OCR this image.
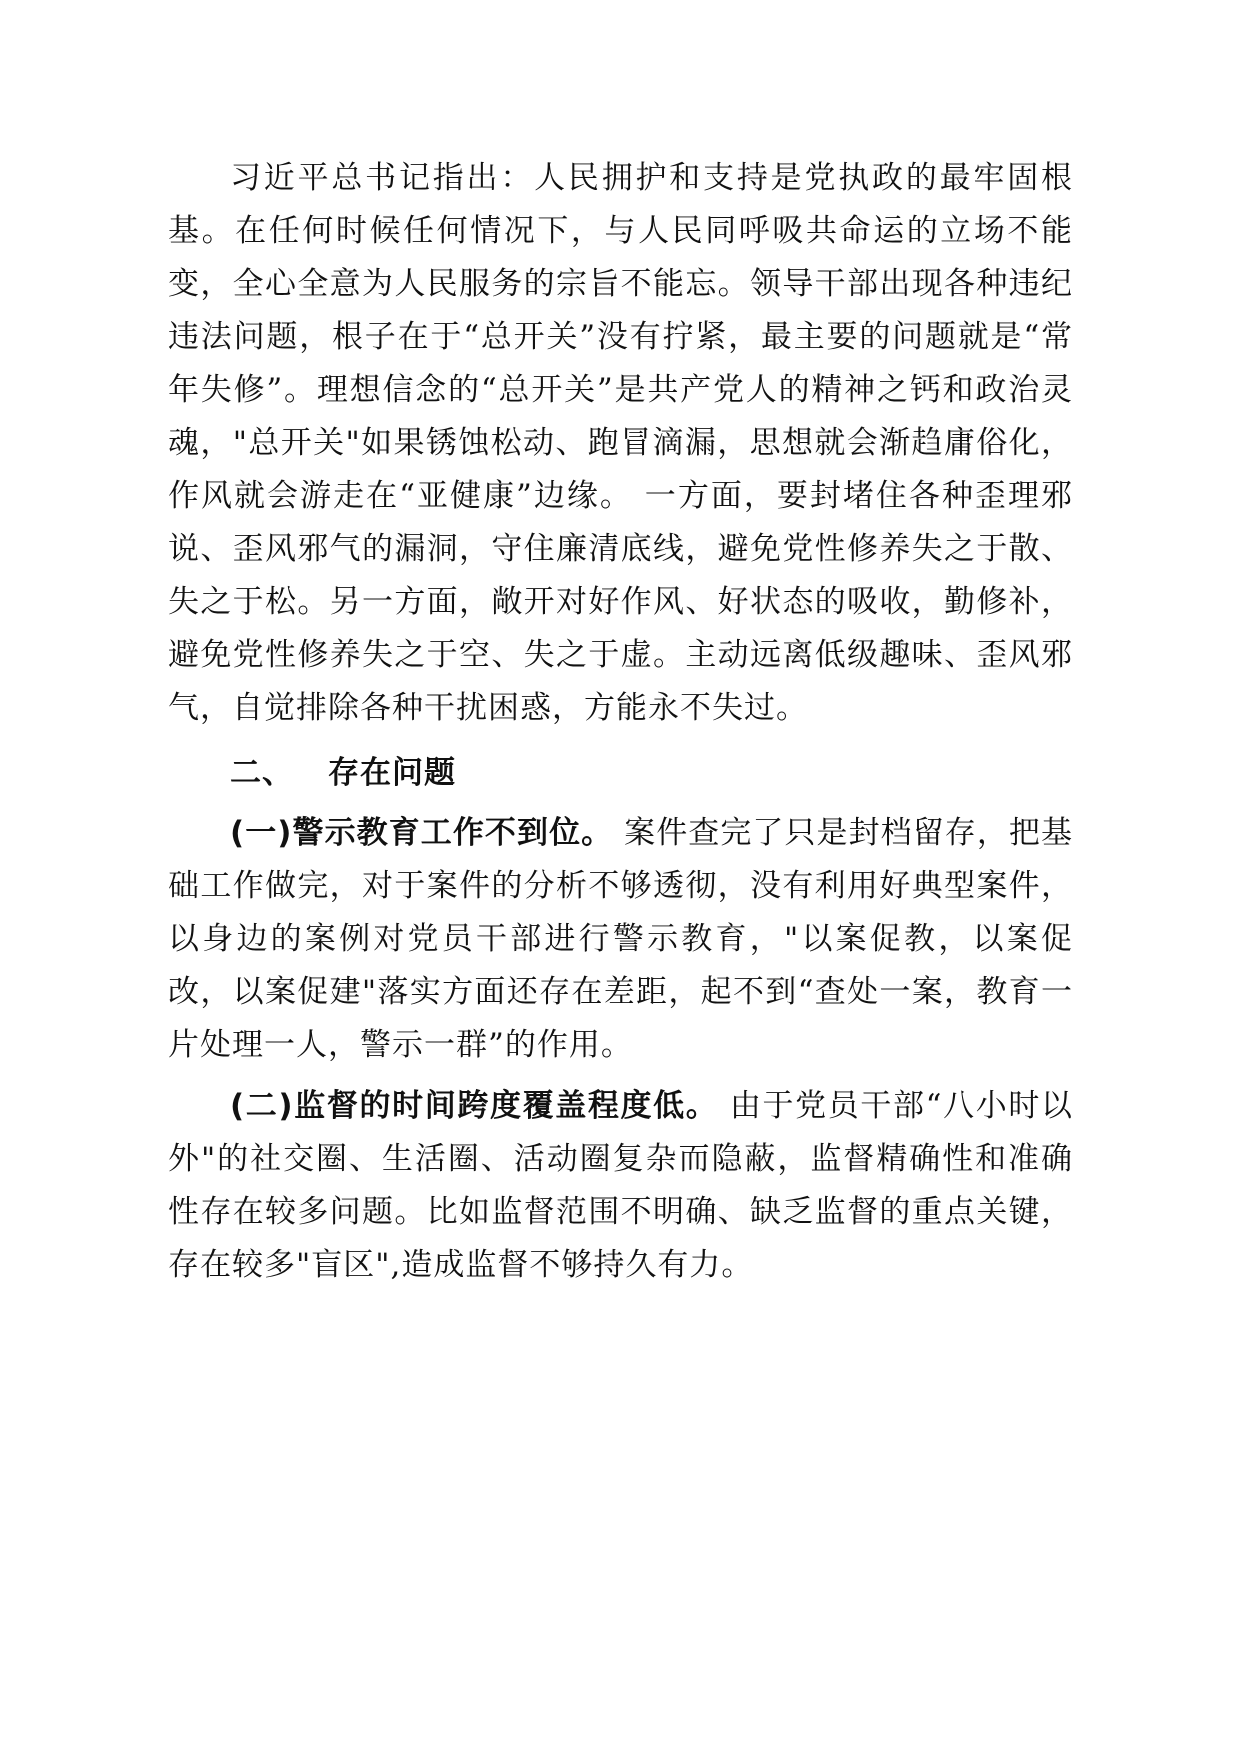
习近平总书记指出：人民拥护和支持是党执政的最牢固根基。在任何时候任何情况下，与人民同呼吸共命运的立场不能变，全心全意为人民服务的宗旨不能忘。领导干部出现各种违纪违法问题，根子在于“总开关”没有拧紧，最主要的问题就是“常年失修”。理想信念的“总开关”是共产党人的精神之钙和政治灵魂，"总开关"如果锈蚀松动、跑冒滴漏，思想就会渐趋庸俗化，作风就会游走在“亚健康”边缘。 一方面，要封堵住各种歪理邪说、歪风邪气的漏洞，守住廉清底线，避免党性修养失之于散、失之于松。另一方面，敞开对好作风、好状态的吸收，勤修补，避免党性修养失之于空、失之于虚。主动远离低级趣味、歪风邪气，自觉排除各种干扰困惑，方能永不失过。

二、 存在问题

(一)警示教育工作不到位。 案件查完了只是封档留存，把基础工作做完，对于案件的分析不够透彻，没有利用好典型案件，以身边的案例对党员干部进行警示教育，"以案促教，以案促改，以案促建"落实方面还存在差距，起不到“查处一案，教育一片处理一人，警示一群”的作用。

(二)监督的时间跨度覆盖程度低。 由于党员干部“八小时以外"的社交圈、生活圈、活动圈复杂而隐蔽，监督精确性和准确性存在较多问题。比如监督范围不明确、缺乏监督的重点关键，存在较多"盲区",造成监督不够持久有力。
